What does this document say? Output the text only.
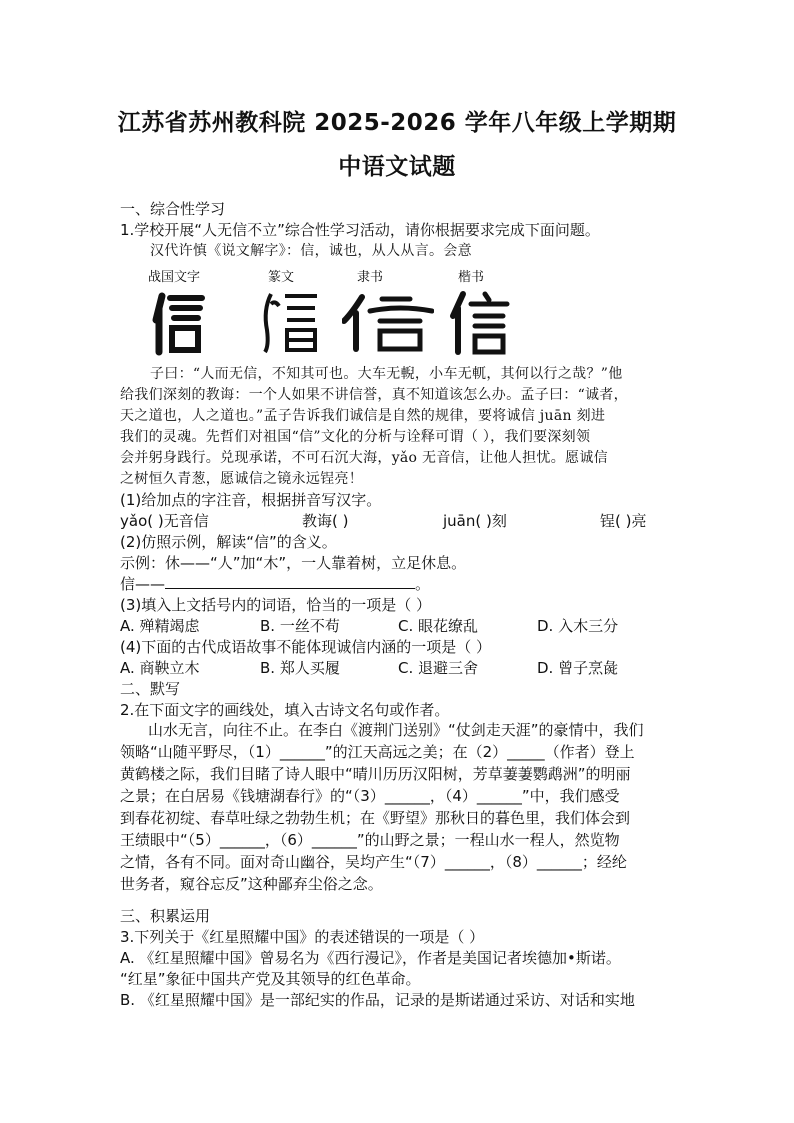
江苏省苏州教科院 2025-2026 学年八年级上学期期
中语文试题
一、综合性学习
1.学校开展“人无信不立”综合性学习活动，请你根据要求完成下面问题。
汉代许慎《说文解字》：信，诚也，从人从言。会意
战国文字	篆文	隶书	楷书
子曰：“人而无信，不知其可也。大车无輗，小车无軏，其何以行之哉？”他
给我们深刻的教诲：一个人如果不讲信誉，真不知道该怎么办。孟子曰：“诚者，
天之道也，人之道也。”孟子告诉我们诚信是自然的规律，要将诚信 juān 刻进
我们的灵魂。先哲们对祖国“信”文化的分析与诠释可谓（ ），我们要深刻领
会并躬身践行。兑现承诺，不可石沉大海，yǎo 无音信，让他人担忧。愿诚信
之树恒久青葱，愿诚信之镜永远锃亮！
(1)给加点的字注音，根据拼音写汉字。
yǎo( )无音信	教诲( )	juān( )刻	锃( )亮
(2)仿照示例，解读“信”的含义。
示例：休——“人”加“木”，一人靠着树，立足休息。
信——	。
(3)填入上文括号内的词语，恰当的一项是（ ）
A. 殚精竭虑	B. 一丝不苟	C. 眼花缭乱	D. 入木三分
(4)下面的古代成语故事不能体现诚信内涵的一项是（ ）
A. 商鞅立木	B. 郑人买履	C. 退避三舍	D. 曾子烹彘
二、默写
2.在下面文字的画线处，填入古诗文名句或作者。
山水无言，向往不止。在李白《渡荆门送别》“仗剑走天涯”的豪情中，我们
领略“山随平野尽，（1）______”的江天高远之美；在（2）_____（作者）登上
黄鹤楼之际，我们目睹了诗人眼中“晴川历历汉阳树，芳草萋萋鹦鹉洲”的明丽
之景；在白居易《钱塘湖春行》的“（3）______，（4）______”中，我们感受
到春花初绽、春草吐绿之勃勃生机；在《野望》那秋日的暮色里，我们体会到
王绩眼中“（5）______，（6）______”的山野之景；一程山水一程人，然览物
之情，各有不同。面对奇山幽谷，吴均产生“（7）______，（8）______；经纶
世务者，窥谷忘反”这种鄙弃尘俗之念。
三、积累运用
3.下列关于《红星照耀中国》的表述错误的一项是（ ）
A. 《红星照耀中国》曾易名为《西行漫记》，作者是美国记者埃德加•斯诺。
“红星”象征中国共产党及其领导的红色革命。
B. 《红星照耀中国》是一部纪实的作品，记录的是斯诺通过采访、对话和实地
